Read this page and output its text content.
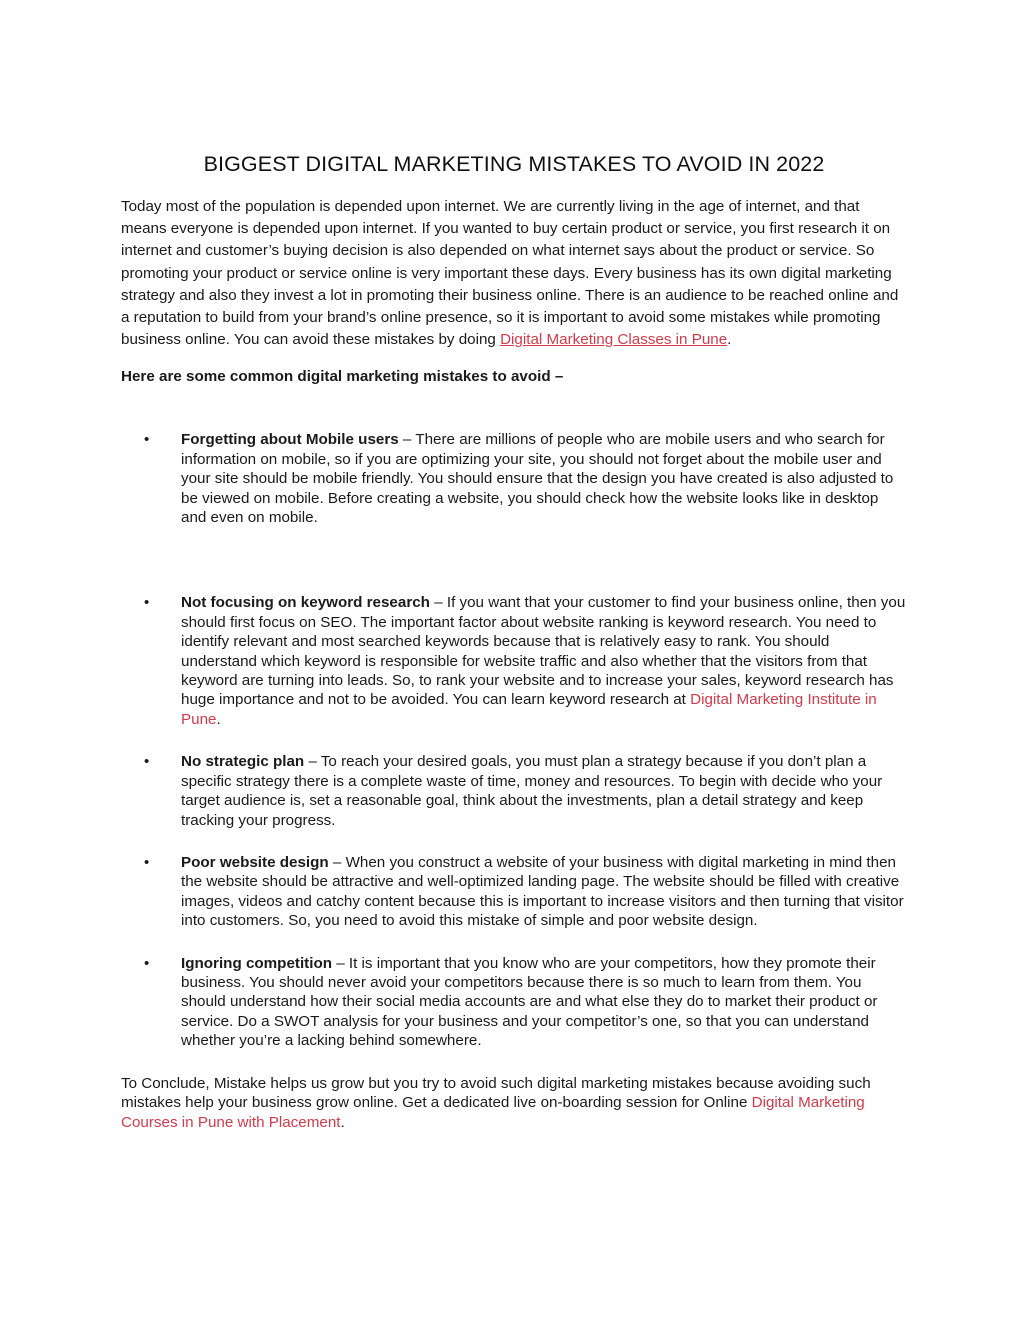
BIGGEST DIGITAL MARKETING MISTAKES TO AVOID IN 2022

Today most of the population is depended upon internet. We are currently living in the age of internet, and that means everyone is depended upon internet. If you wanted to buy certain product or service, you first research it on internet and customer’s buying decision is also depended on what internet says about the product or service. So promoting your product or service online is very important these days. Every business has its own digital marketing strategy and also they invest a lot in promoting their business online. There is an audience to be reached online and a reputation to build from your brand’s online presence, so it is important to avoid some mistakes while promoting business online. You can avoid these mistakes by doing Digital Marketing Classes in Pune.

Here are some common digital marketing mistakes to avoid –

• Forgetting about Mobile users – There are millions of people who are mobile users and who search for information on mobile, so if you are optimizing your site, you should not forget about the mobile user and your site should be mobile friendly. You should ensure that the design you have created is also adjusted to be viewed on mobile. Before creating a website, you should check how the website looks like in desktop and even on mobile.
• Not focusing on keyword research – If you want that your customer to find your business online, then you should first focus on SEO. The important factor about website ranking is keyword research. You need to identify relevant and most searched keywords because that is relatively easy to rank. You should understand which keyword is responsible for website traffic and also whether that the visitors from that keyword are turning into leads. So, to rank your website and to increase your sales, keyword research has huge importance and not to be avoided. You can learn keyword research at Digital Marketing Institute in Pune.
• No strategic plan – To reach your desired goals, you must plan a strategy because if you don’t plan a specific strategy there is a complete waste of time, money and resources. To begin with decide who your target audience is, set a reasonable goal, think about the investments, plan a detail strategy and keep tracking your progress.
• Poor website design – When you construct a website of your business with digital marketing in mind then the website should be attractive and well-optimized landing page. The website should be filled with creative images, videos and catchy content because this is important to increase visitors and then turning that visitor into customers. So, you need to avoid this mistake of simple and poor website design.
• Ignoring competition – It is important that you know who are your competitors, how they promote their business. You should never avoid your competitors because there is so much to learn from them. You should understand how their social media accounts are and what else they do to market their product or service. Do a SWOT analysis for your business and your competitor’s one, so that you can understand whether you’re a lacking behind somewhere.

To Conclude, Mistake helps us grow but you try to avoid such digital marketing mistakes because avoiding such mistakes help your business grow online. Get a dedicated live on-boarding session for Online Digital Marketing Courses in Pune with Placement.
